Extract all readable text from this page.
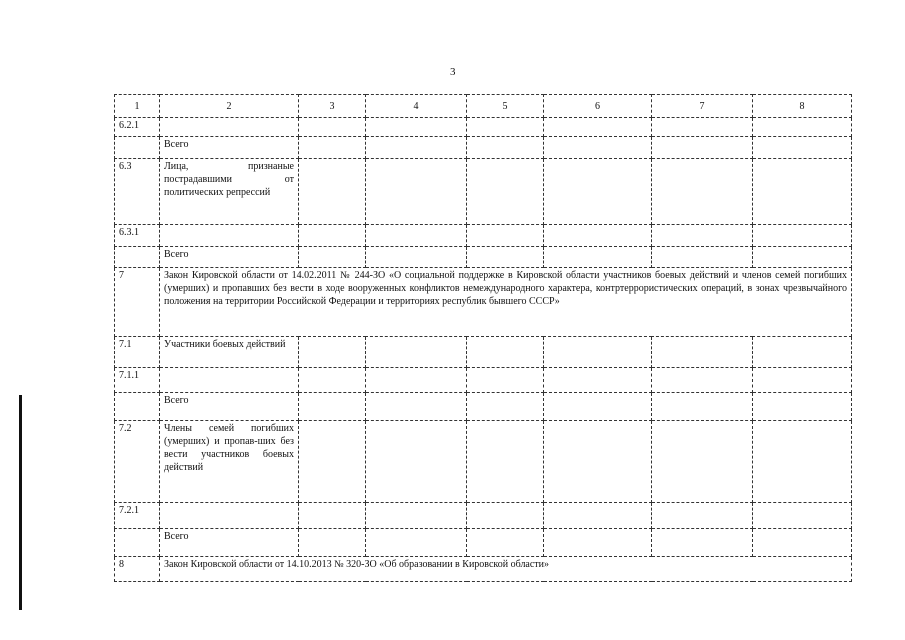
3
1	2	3	4	5	6	7	8
6.2.1							
	Всего						
6.3	Лица, признаные пострадавшими от политических репрессий						
6.3.1							
	Всего						
7	Закон Кировской области от 14.02.2011 № 244-ЗО «О социальной поддержке в Кировской области участников боевых действий и членов семей погибших (умерших) и пропавших без вести в ходе вооруженных конфликтов немеждународного характера, контртеррористических операций, в зонах чрезвычайного положения на территории Российской Федерации и территориях республик бывшего СССР»						
7.1	Участники боевых действий						
7.1.1							
	Всего						
7.2	Члены семей погибших (умерших) и пропав-ших без вести участников боевых действий						
7.2.1							
	Всего						
8	Закон Кировской области от 14.10.2013 № 320-ЗО «Об образовании в Кировской области»						
